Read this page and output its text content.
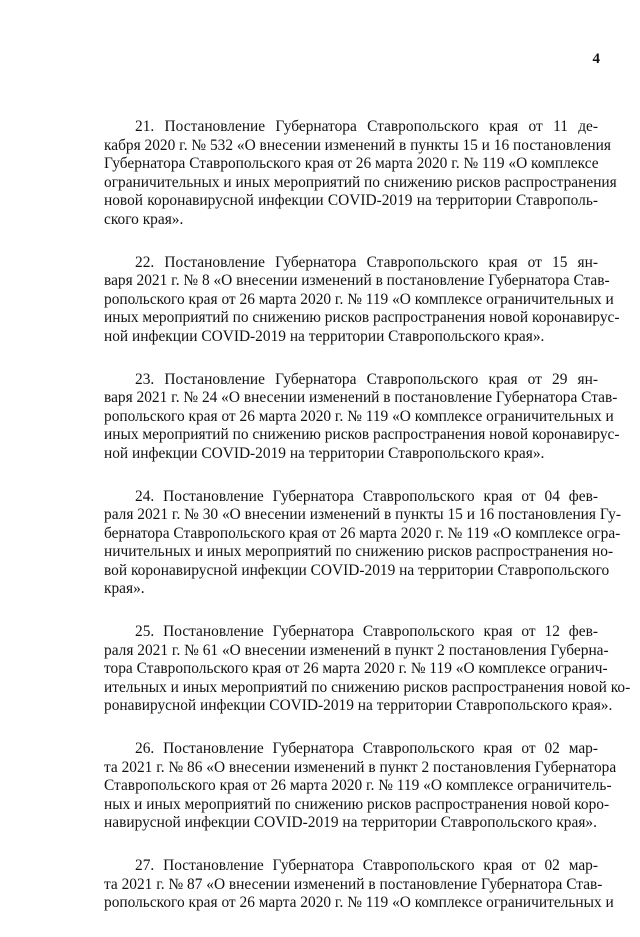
4
21. Постановление Губернатора Ставропольского края от 11 де-
кабря 2020 г. № 532 «О внесении изменений в пункты 15 и 16 постановления
Губернатора Ставропольского края от 26 марта 2020 г. № 119 «О комплексе
ограничительных и иных мероприятий по снижению рисков распространения
новой коронавирусной инфекции COVID-2019 на территории Ставрополь-
ского края».
22. Постановление Губернатора Ставропольского края от 15 ян-
варя 2021 г. № 8 «О внесении изменений в постановление Губернатора Став-
ропольского края от 26 марта 2020 г. № 119 «О комплексе ограничительных и
иных мероприятий по снижению рисков распространения новой коронавирус-
ной инфекции COVID-2019 на территории Ставропольского края».
23. Постановление Губернатора Ставропольского края от 29 ян-
варя 2021 г. № 24 «О внесении изменений в постановление Губернатора Став-
ропольского края от 26 марта 2020 г. № 119 «О комплексе ограничительных и
иных мероприятий по снижению рисков распространения новой коронавирус-
ной инфекции COVID-2019 на территории Ставропольского края».
24. Постановление Губернатора Ставропольского края от 04 фев-
раля 2021 г. № 30 «О внесении изменений в пункты 15 и 16 постановления Гу-
бернатора Ставропольского края от 26 марта 2020 г. № 119 «О комплексе огра-
ничительных и иных мероприятий по снижению рисков распространения но-
вой коронавирусной инфекции COVID-2019 на территории Ставропольского
края».
25. Постановление Губернатора Ставропольского края от 12 фев-
раля 2021 г. № 61 «О внесении изменений в пункт 2 постановления Губерна-
тора Ставропольского края от 26 марта 2020 г. № 119 «О комплексе огранич-
ительных и иных мероприятий по снижению рисков распространения новой ко-
ронавирусной инфекции COVID-2019 на территории Ставропольского края».
26. Постановление Губернатора Ставропольского края от 02 мар-
та 2021 г. № 86 «О внесении изменений в пункт 2 постановления Губернатора
Ставропольского края от 26 марта 2020 г. № 119 «О комплексе ограничитель-
ных и иных мероприятий по снижению рисков распространения новой коро-
навирусной инфекции COVID-2019 на территории Ставропольского края».
27. Постановление Губернатора Ставропольского края от 02 мар-
та 2021 г. № 87 «О внесении изменений в постановление Губернатора Став-
ропольского края от 26 марта 2020 г. № 119 «О комплексе ограничительных и
